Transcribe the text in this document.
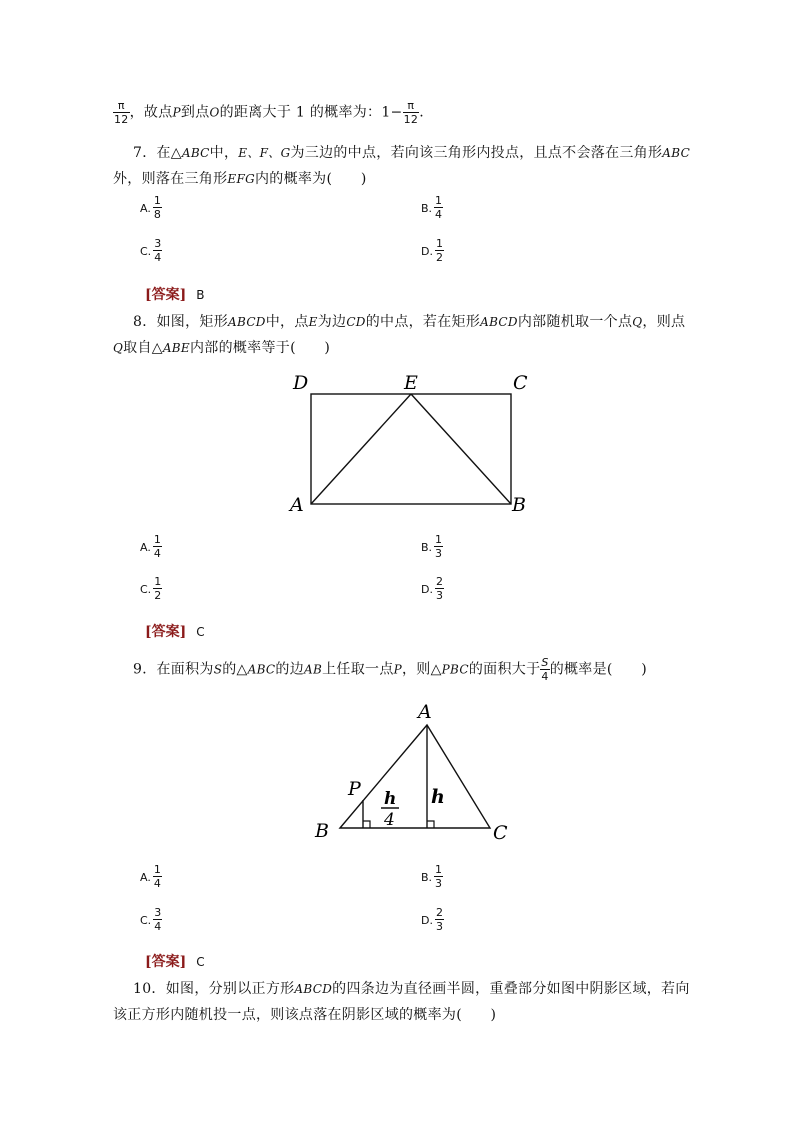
$\frac{\pi}{12}$ ，故点P到点O的距离大于 1 的概率为：$1- \frac{\pi}{12}$ .
7．在△ABC中，E、F、G为三边的中点，若向该三角形内投点，且点不会落在三角形ABC
外，则落在三角形EFG内的概率为(　　)
A. $\frac{1}{8}$	B. $\frac{1}{4}$
C. $\frac{3}{4}$	D. $\frac{1}{2}$
[答案] B
8．如图，矩形ABCD中，点E为边CD的中点，若在矩形ABCD内部随机取一个点Q，则点
Q取自△ABE内部的概率等于(　　)
D	E	C
A	B
A. $\frac{1}{4}$	B. $\frac{1}{3}$
C. $\frac{1}{2}$	D. $\frac{2}{3}$
[答案] C
9．在面积为S的△ABC的边AB上任取一点P，则△PBC的面积大于 $\frac{S}{4}$ 的概率是(　　)
A
P
B	C
h
h
4
A. $\frac{1}{4}$	B. $\frac{1}{3}$
C. $\frac{3}{4}$	D. $\frac{2}{3}$
[答案] C
10．如图，分别以正方形ABCD的四条边为直径画半圆，重叠部分如图中阴影区域，若向
该正方形内随机投一点，则该点落在阴影区域的概率为(　　)
